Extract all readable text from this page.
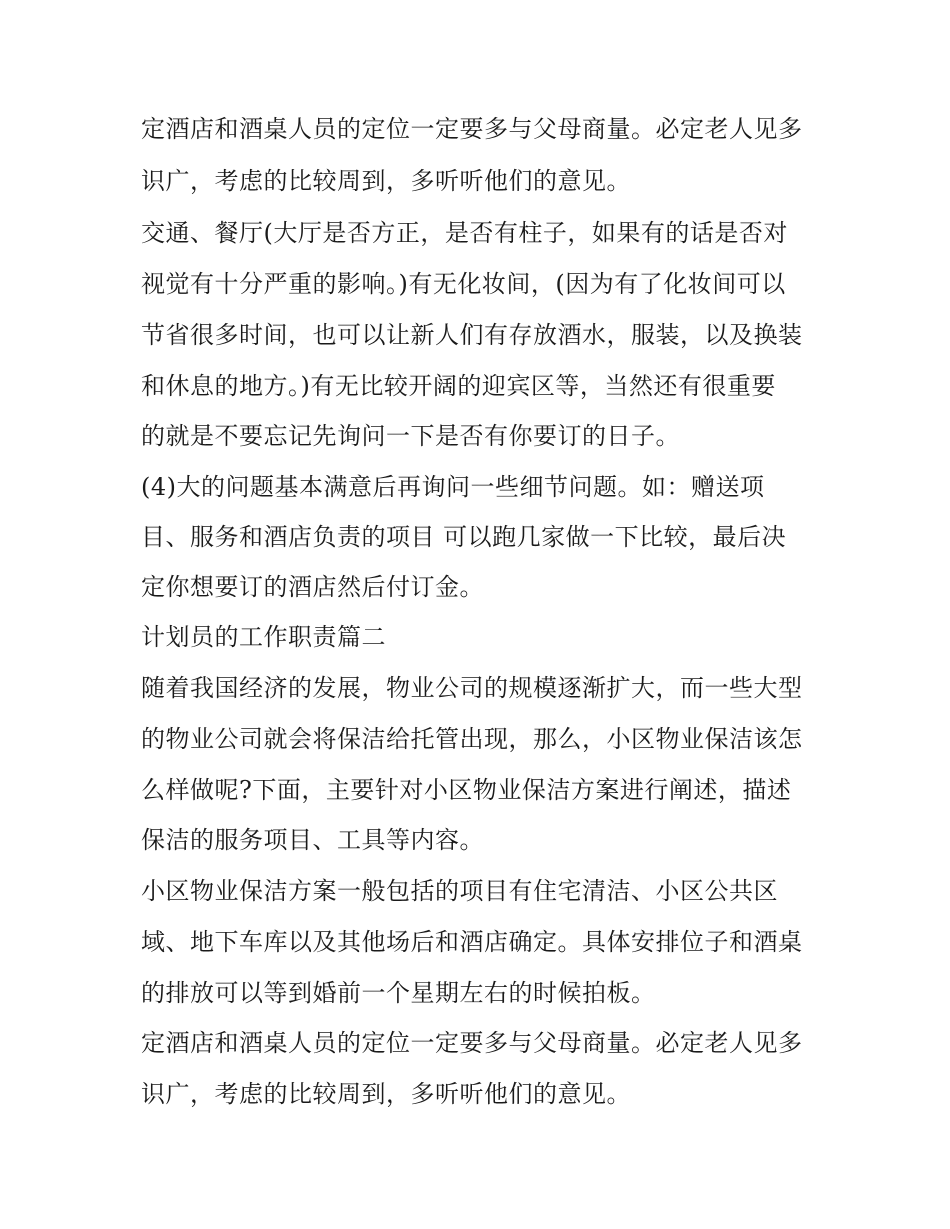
定酒店和酒桌人员的定位一定要多与父母商量。必定老人见多

识广，考虑的比较周到，多听听他们的意见。

交通、餐厅(大厅是否方正，是否有柱子，如果有的话是否对

视觉有十分严重的影响。)有无化妆间，(因为有了化妆间可以

节省很多时间，也可以让新人们有存放酒水，服装，以及换装

和休息的地方。)有无比较开阔的迎宾区等，当然还有很重要

的就是不要忘记先询问一下是否有你要订的日子。

(4)大的问题基本满意后再询问一些细节问题。如：赠送项

目、服务和酒店负责的项目 可以跑几家做一下比较，最后决

定你想要订的酒店然后付订金。

计划员的工作职责篇二

随着我国经济的发展，物业公司的规模逐渐扩大，而一些大型

的物业公司就会将保洁给托管出现，那么，小区物业保洁该怎

么样做呢?下面，主要针对小区物业保洁方案进行阐述，描述

保洁的服务项目、工具等内容。

小区物业保洁方案一般包括的项目有住宅清洁、小区公共区

域、地下车库以及其他场后和酒店确定。具体安排位子和酒桌

的排放可以等到婚前一个星期左右的时候拍板。

定酒店和酒桌人员的定位一定要多与父母商量。必定老人见多

识广，考虑的比较周到，多听听他们的意见。
